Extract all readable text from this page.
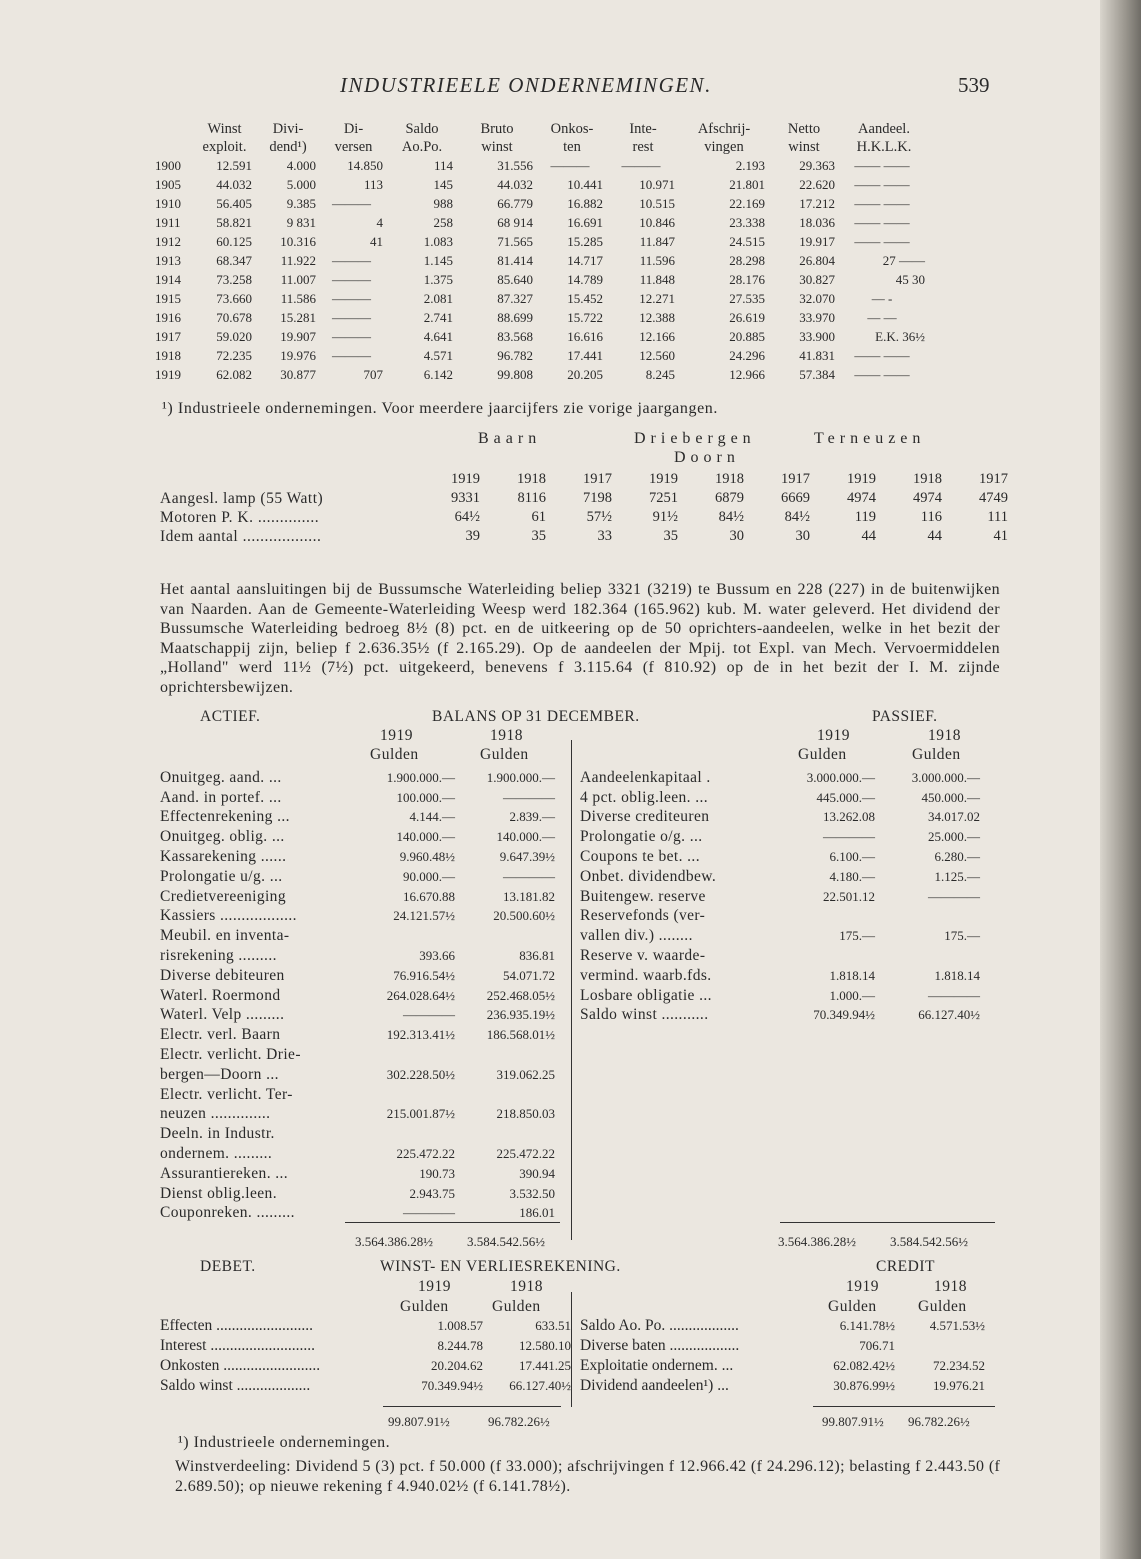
INDUSTRIEELE ONDERNEMINGEN.	539
	Winst	Divi-	Di-	Saldo	Bruto	Onkos-	Inte-	Afschrij-	Netto	Aandeel.
	exploit.	dend¹)	versen	Ao.Po.	winst	ten	rest	vingen	winst	H.K.L.K.
1900	12.591	4.000	14.850	114	31.556	———	———	2.193	29.363	—— ——
1905	44.032	5.000	113	145	44.032	10.441	10.971	21.801	22.620	—— ——
1910	56.405	9.385	———	988	66.779	16.882	10.515	22.169	17.212	—— ——
1911	58.821	9 831	4	258	68 914	16.691	10.846	23.338	18.036	—— ——
1912	60.125	10.316	41	1.083	71.565	15.285	11.847	24.515	19.917	—— ——
1913	68.347	11.922	———	1.145	81.414	14.717	11.596	28.298	26.804	27 ——
1914	73.258	11.007	———	1.375	85.640	14.789	11.848	28.176	30.827	45 30
1915	73.660	11.586	———	2.081	87.327	15.452	12.271	27.535	32.070	— -
1916	70.678	15.281	———	2.741	88.699	15.722	12.388	26.619	33.970	— —
1917	59.020	19.907	———	4.641	83.568	16.616	12.166	20.885	33.900	E.K. 36½
1918	72.235	19.976	———	4.571	96.782	17.441	12.560	24.296	41.831	—— ——
1919	62.082	30.877	707	6.142	99.808	20.205	8.245	12.966	57.384	—— ——
¹) Industrieele ondernemingen. Voor meerdere jaarcijfers zie vorige jaargangen.
Baarn	Driebergen
Doorn
Terneuzen
	1919	1918	1917	1919	1918	1917	1919	1918	1917
Aangesl. lamp (55 Watt)	9331	8116	7198	7251	6879	6669	4974	4974	4749
Motoren P. K. ..............	64½	61	57½	91½	84½	84½	119	116	111
Idem aantal ..................	39	35	33	35	30	30	44	44	41

Het aantal aansluitingen bij de Bussumsche Waterleiding beliep 3321 (3219) te Bussum en 228 (227) in de buitenwijken van Naarden. Aan de Gemeente-Waterleiding Weesp werd 182.364 (165.962) kub. M. water geleverd. Het dividend der Bussumsche Waterleiding bedroeg 8½ (8) pct. en de uitkeering op de 50 oprichters-aandeelen, welke in het bezit der Maatschappij zijn, beliep f 2.636.35½ (f 2.165.29). Op de aandeelen der Mpij. tot Expl. van Mech. Vervoermiddelen „Holland" werd 11½ (7½) pct. uitgekeerd, benevens f 3.115.64 (f 810.92) op de in het bezit der I. M. zijnde oprichtersbewijzen.

ACTIEF.	BALANS OP 31 DECEMBER.	PASSIEF.
1919	1918
Gulden	Gulden
1919	1918
Gulden	Gulden
Onuitgeg. aand. ...	1.900.000.—	1.900.000.—
Aand. in portef. ...	100.000.—	————
Effectenrekening ...	4.144.—	2.839.—
Onuitgeg. oblig. ...	140.000.—	140.000.—
Kassarekening ......	9.960.48½	9.647.39½
Prolongatie u/g. ...	90.000.—	————
Credietvereeniging	16.670.88	13.181.82
Kassiers ..................	24.121.57½	20.500.60½
Meubil. en inventa-		
risrekening .........	393.66	836.81
Diverse debiteuren	76.916.54½	54.071.72
Waterl. Roermond	264.028.64½	252.468.05½
Waterl. Velp .........	————	236.935.19½
Electr. verl. Baarn	192.313.41½	186.568.01½
Electr. verlicht. Drie-		
bergen—Doorn ...	302.228.50½	319.062.25
Electr. verlicht. Ter-		
neuzen ..............	215.001.87½	218.850.03
Deeln. in Industr.		
ondernem. .........	225.472.22	225.472.22
Assurantiereken. ...	190.73	390.94
Dienst oblig.leen.	2.943.75	3.532.50
Couponreken. .........	————	186.01
Aandeelenkapitaal .	3.000.000.—	3.000.000.—
4 pct. oblig.leen. ...	445.000.—	450.000.—
Diverse crediteuren	13.262.08	34.017.02
Prolongatie o/g. ...	————	25.000.—
Coupons te bet. ...	6.100.—	6.280.—
Onbet. dividendbew.	4.180.—	1.125.—
Buitengew. reserve	22.501.12	————
Reservefonds (ver-		
vallen div.) ........	175.—	175.—
Reserve v. waarde-		
vermind. waarb.fds.	1.818.14	1.818.14
Losbare obligatie ...	1.000.—	————
Saldo winst ...........	70.349.94½	66.127.40½
3.564.386.28½	3.584.542.56½	3.564.386.28½	3.584.542.56½
DEBET.	WINST- EN VERLIESREKENING.	CREDIT
1919	1918
Gulden	Gulden
1919	1918
Gulden	Gulden
Effecten .........................	1.008.57	633.51
Interest ...........................	8.244.78	12.580.10
Onkosten .........................	20.204.62	17.441.25
Saldo winst ...................	70.349.94½	66.127.40½
Saldo Ao. Po. ..................	6.141.78½	4.571.53½
Diverse baten ..................	706.71	
Exploitatie ondernem. ...	62.082.42½	72.234.52
Dividend aandeelen¹) ...	30.876.99½	19.976.21
99.807.91½	96.782.26½	99.807.91½ 96.782.26½
¹) Industrieele ondernemingen.
Winstverdeeling: Dividend 5 (3) pct. f 50.000 (f 33.000); afschrijvingen f 12.966.42 (f 24.296.12); belasting f 2.443.50 (f 2.689.50); op nieuwe rekening f 4.940.02½ (f 6.141.78½).
